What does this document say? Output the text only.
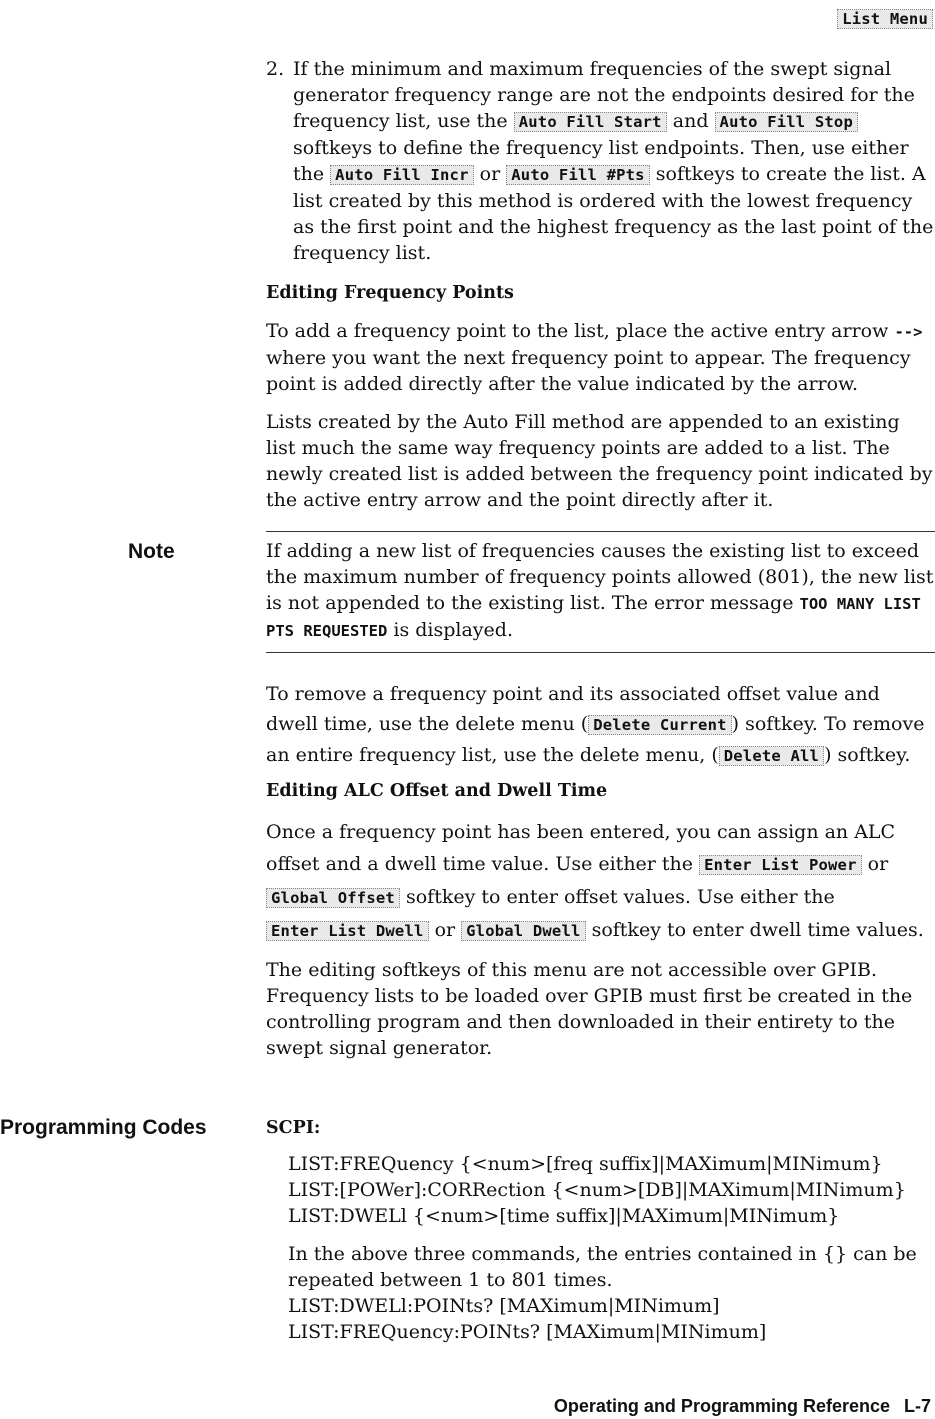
List Menu
2. If the minimum and maximum frequencies of the swept signal generator frequency range are not the endpoints desired for the frequency list, use the Auto Fill Start and Auto Fill Stop softkeys to define the frequency list endpoints. Then, use either the Auto Fill Incr or Auto Fill #Pts softkeys to create the list. A list created by this method is ordered with the lowest frequency as the first point and the highest frequency as the last point of the frequency list.

Editing Frequency Points

To add a frequency point to the list, place the active entry arrow --> where you want the next frequency point to appear. The frequency point is added directly after the value indicated by the arrow.

Lists created by the Auto Fill method are appended to an existing list much the same way frequency points are added to a list. The newly created list is added between the frequency point indicated by the active entry arrow and the point directly after it.

Note	If adding a new list of frequencies causes the existing list to exceed the maximum number of frequency points allowed (801), the new list is not appended to the existing list. The error message TOO MANY LIST PTS REQUESTED is displayed.

To remove a frequency point and its associated offset value and dwell time, use the delete menu ( Delete Current ) softkey. To remove an entire frequency list, use the delete menu, ( Delete All ) softkey.

Editing ALC Offset and Dwell Time

Once a frequency point has been entered, you can assign an ALC offset and a dwell time value. Use either the Enter List Power or Global Offset softkey to enter offset values. Use either the Enter List Dwell or Global Dwell softkey to enter dwell time values.

The editing softkeys of this menu are not accessible over GPIB. Frequency lists to be loaded over GPIB must first be created in the controlling program and then downloaded in their entirety to the swept signal generator.

Programming Codes	SCPI:

LIST:FREQuency {<num>[freq suffix]|MAXimum|MINimum}

LIST:[POWer]:CORRection {<num>[DB]|MAXimum|MINimum}

LIST:DWELl {<num>[time suffix]|MAXimum|MINimum}

In the above three commands, the entries contained in {} can be repeated between 1 to 801 times.

LIST:DWELl:POINts? [MAXimum|MINimum]

LIST:FREQuency:POINts? [MAXimum|MINimum]

Operating and Programming Reference L-7
